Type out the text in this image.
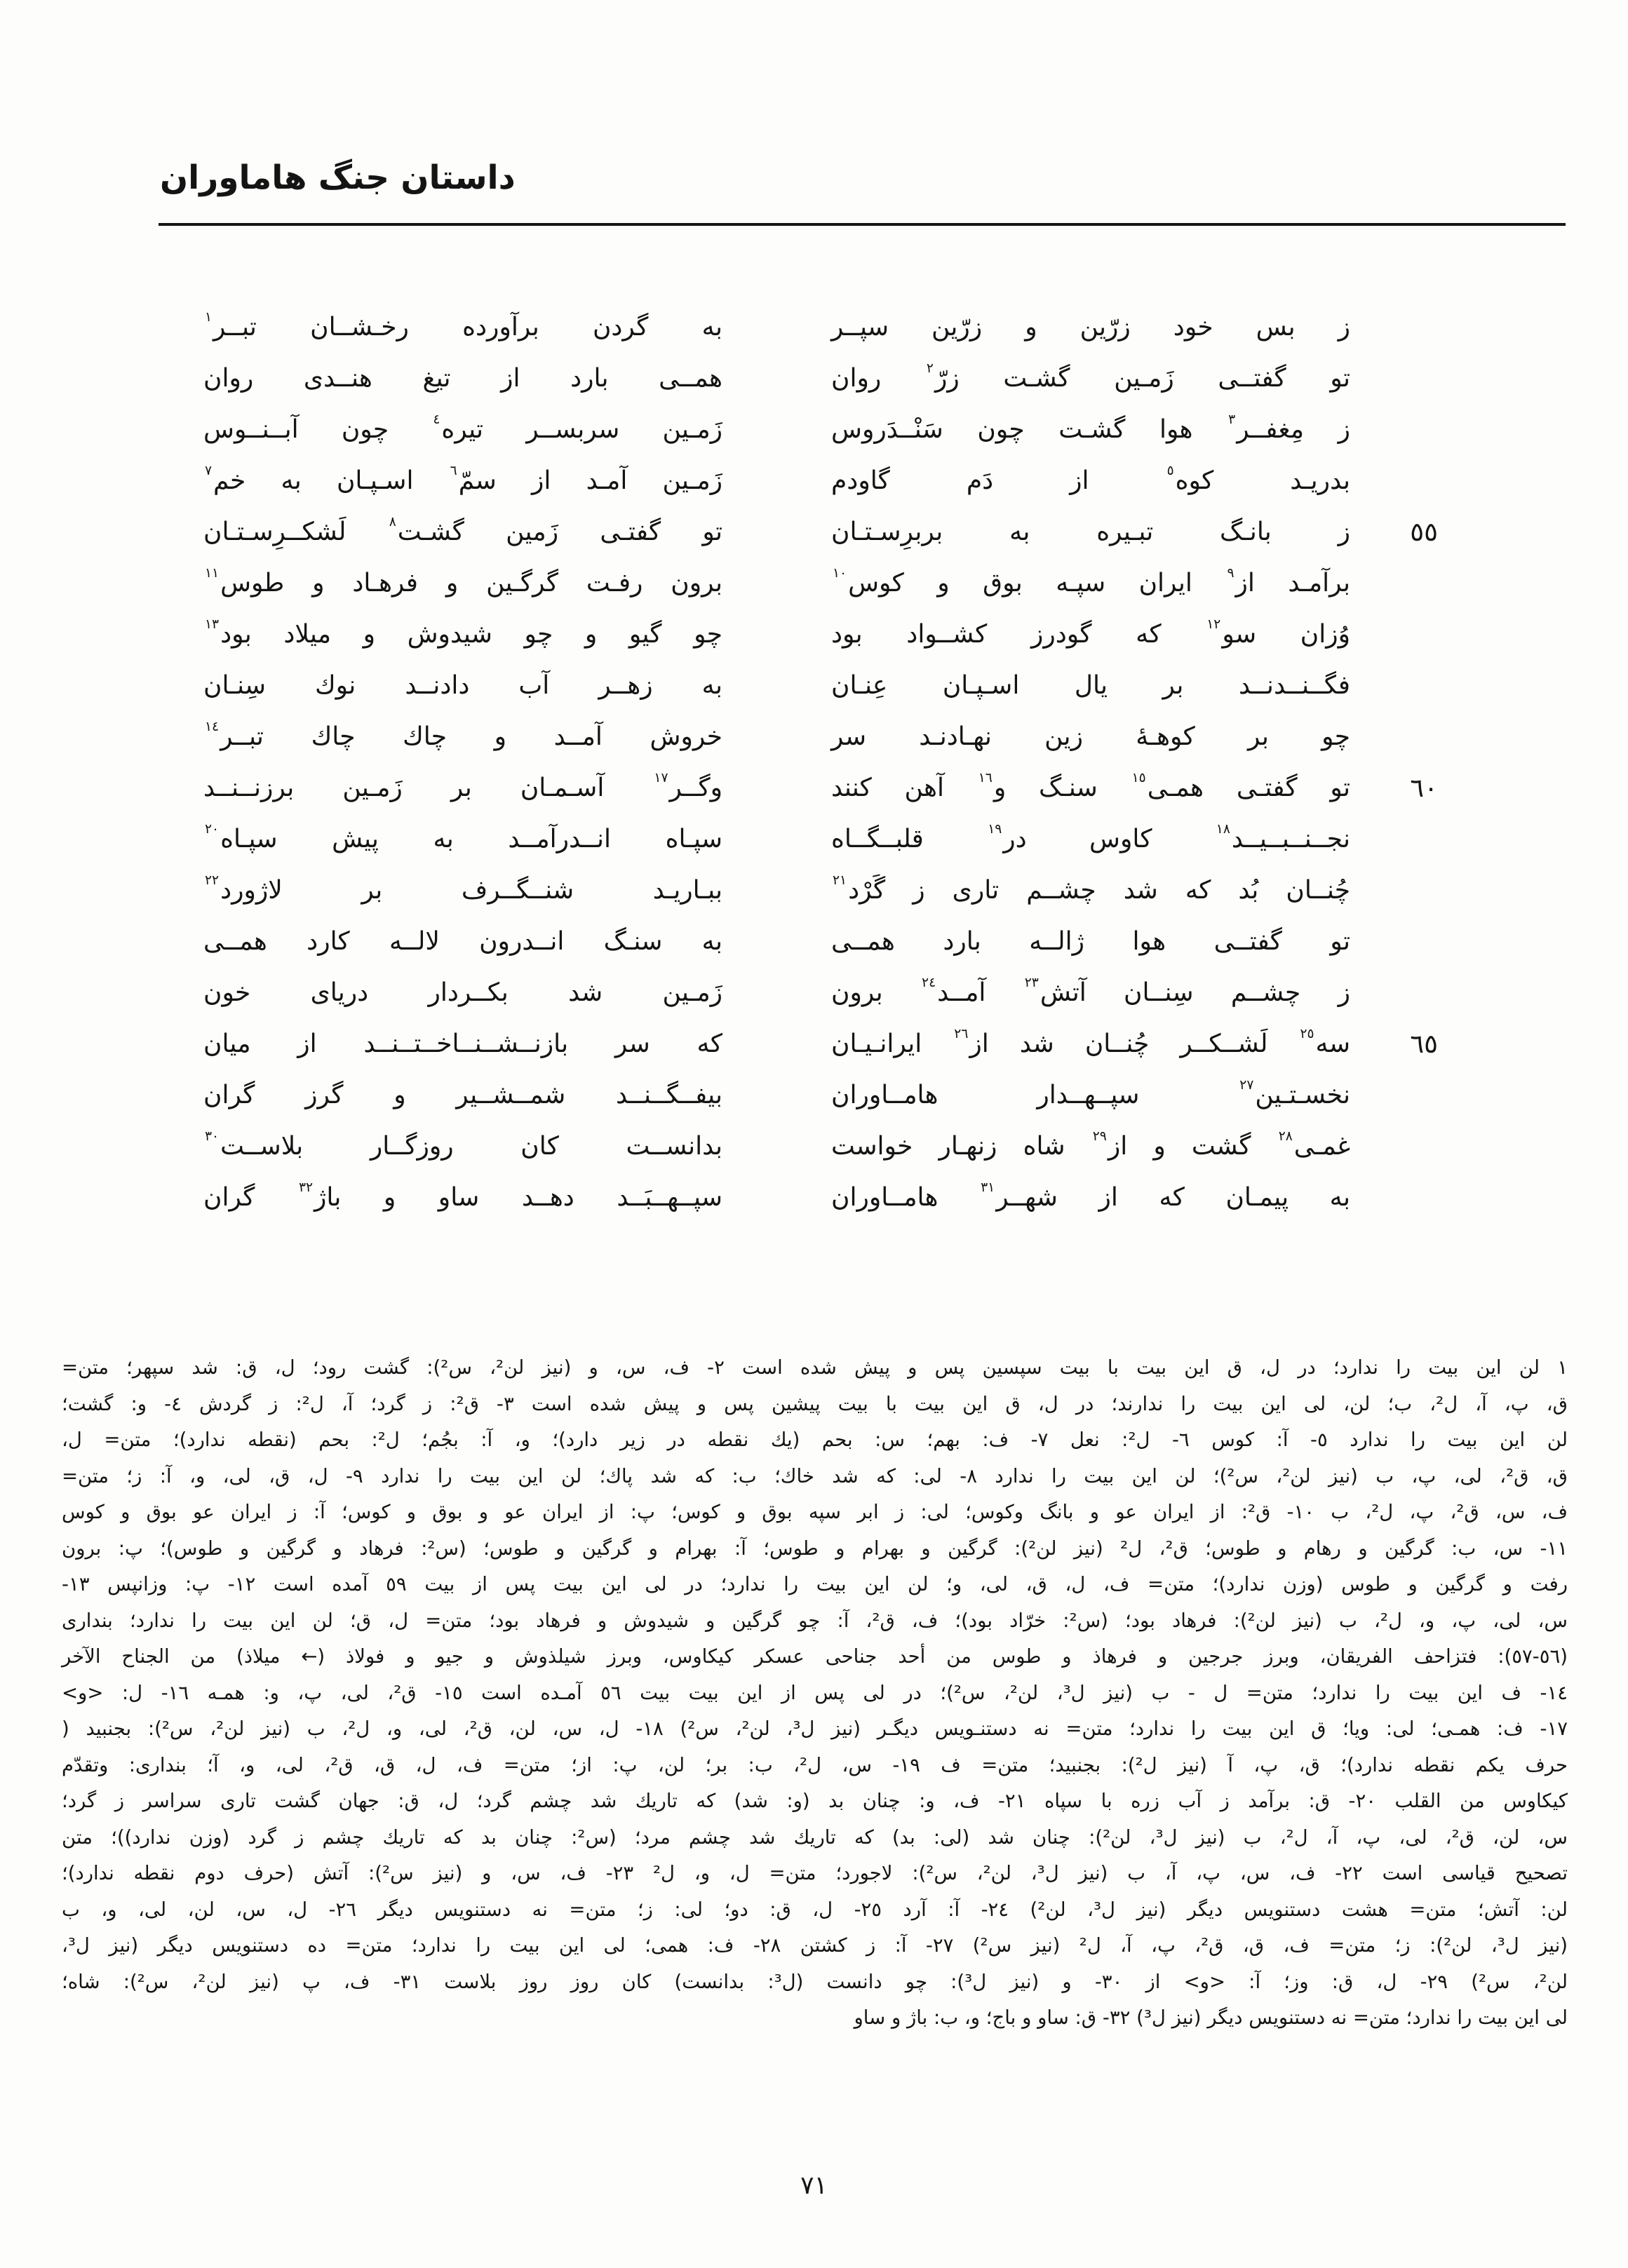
داستان جنگ هاماوران
ز بس خود زرّین و زرّین سپــر
به گردن برآورده رخـشــان تبــر$^١$
تو گفتــی زَمـین گشـت زرّ$^٢$ روان
همــی بارد از تیغ هنــدی روان
ز مِغفــر$^٣$ هوا گشـت چون سَنْــدَروس
زَمـین سربســر تیره$^٤$ چون آبــنــوس
بدریـد کوه$^٥$ از دَم گاودم
زَمـین آمـد از سمّ$^٦$ اسـپـان به خم$^٧$
٥٥
ز بانـگ تبـیره به بربرِسـتـان
تو گفتـی زَمین گشـت$^٨$ لَشکــرِسـتـان
برآمـد از$^٩$ ایران سپـه بوق و کوس$^{١٠}$
برون رفـت گرگـین و فرهـاد و طوس$^{١١}$
وُزان سو$^{١٢}$ که گودرز کشــواد بود
چو گیو و چو شیدوش و میلاد بود$^{١٣}$
فگــنــدنــد بر یال اسـپـان عِنـان
به زهــر آب دادنــد نوك سِنـان
چو بر کوهـۀ زین نهـادنـد سر
خروش آمــد و چاك چاك تبــر$^{١٤}$
٦٠
تو گفتـی همـی$^{١٥}$ سنـگ و$^{١٦}$ آهن کنند
وگــر$^{١٧}$ آسـمـان بر زَمـین برزنــنــد
نجــنــبــیــد$^{١٨}$ کاوس در$^{١٩}$ قلبــگــاه
سپـاه انــدرآمــد به پیش سپـاه$^{٢٠}$
چُنــان بُد که شد چشــم تاری ز گَرْد$^{٢١}$
ببـاریـد شنــگــرف بر لاژورد$^{٢٢}$
تو گفتــی هوا ژالــه بارد همــی
به سنـگ انــدرون لالــه کارد همــی
ز چشــم سِنــان آتش$^{٢٣}$ آمــد$^{٢٤}$ برون
زَمـین شد بکــردار دریای خون
٦٥
سه$^{٢٥}$ لَشــکــر چُنــان شد از$^{٢٦}$ ایرانـیـان
که سر بازنــشــنــاخــتــنــد از میان
نخسـتـین$^{٢٧}$ سپــهــدار هامــاوران
بیفــگــنــد شمــشــیر و گرز گران
غمـی$^{٢٨}$ گشت و از$^{٢٩}$ شاه زنهـار خواست
بدانســت کان روزگــار بلاســت$^{٣٠}$
به پیمـان که از شهــر$^{٣١}$ هامــاوران
سپــهــبَــد دهــد ساو و باژ$^{٣٢}$ گران
١ لن این بیت را ندارد؛ در ل، ق این بیت با بیت سپسین پس و پیش شده است ٢- ف، س، و (نیز لن²، س²): گشت رود؛ ل، ق: شد سپهر؛ متن=
ق، پ، آ، ل²، ب؛ لن، لی این بیت را ندارند؛ در ل، ق این بیت با بیت پیشین پس و پیش شده است ٣- ق²: ز گرد؛ آ، ل²: ز گردش ٤- و: گشت؛
لن این بیت را ندارد ٥- آ: کوس ٦- ل²: نعل ٧- ف: بهم؛ س: بحم (یك نقطه در زیر دارد)؛ و، آ: بجُم؛ ل²: بحم (نقطه ندارد)؛ متن= ل،
ق، ق²، لی، پ، ب (نیز لن²، س²)؛ لن این بیت را ندارد ٨- لی: که شد خاك؛ ب: که شد پاك؛ لن این بیت را ندارد ٩- ل، ق، لی، و، آ: ز؛ متن=
ف، س، ق²، پ، ل²، ب ١٠- ق²: از ایران عو و بانگ وکوس؛ لی: ز ابر سپه بوق و کوس؛ پ: از ایران عو و بوق و کوس؛ آ: ز ایران عو بوق و کوس
١١- س، ب: گرگین و رهام و طوس؛ ق²، ل² (نیز لن²): گرگین و بهرام و طوس؛ آ: بهرام و گرگین و طوس؛ (س²: فرهاد و گرگین و طوس)؛ پ: برون
رفت و گرگین و طوس (وزن ندارد)؛ متن= ف، ل، ق، لی، و؛ لن این بیت را ندارد؛ در لی این بیت پس از بیت ٥٩ آمده است ١٢- پ: وزانپس ١٣-
س، لی، پ، و، ل²، ب (نیز لن²): فرهاد بود؛ (س²: خرّاد بود)؛ ف، ق²، آ: چو گرگین و شیدوش و فرهاد بود؛ متن= ل، ق؛ لن این بیت را ندارد؛ بنداری
(٥٦-٥٧): فتزاحف الفریقان، وبرز جرجین و فرهاذ و طوس من أحد جناحی عسکر کیکاوس، وبرز شیلذوش و جیو و فولاذ (← میلاذ) من الجناح الآخر
١٤- ف این بیت را ندارد؛ متن= ل - ب (نیز ل³، لن²، س²)؛ در لی پس از این بیت بیت ٥٦ آمـده است ١٥- ق²، لی، پ، و: همـه ١٦- ل: <و>
١٧- ف: همـی؛ لی: ویا؛ ق این بیت را ندارد؛ متن= نه دستنـویس دیگـر (نیز ل³، لن²، س²) ١٨- ل، س، لن، ق²، لی، و، ل²، ب (نیز لن²، س²): بجنبید (
حرف یکم نقطه ندارد)؛ ق، پ، آ (نیز ل²): بجنبید؛ متن= ف ١٩- س، ل²، ب: بر؛ لن، پ: از؛ متن= ف، ل، ق، ق²، لی، و، آ؛ بنداری: وتقدّم
کیکاوس من القلب ٢٠- ق: برآمد ز آب زره با سپاه ٢١- ف، و: چنان بد (و: شد) که تاریك شد چشم گرد؛ ل، ق: جهان گشت تاری سراسر ز گرد؛
س، لن، ق²، لی، پ، آ، ل²، ب (نیز ل³، لن²): چنان شد (لی: بد) که تاریك شد چشم مرد؛ (س²: چنان بد که تاریك چشم ز گرد (وزن ندارد))؛ متن
تصحیح قیاسی است ٢٢- ف، س، پ، آ، ب (نیز ل³، لن²، س²): لاجورد؛ متن= ل، و، ل² ٢٣- ف، س، و (نیز س²): آتش (حرف دوم نقطه ندارد)؛
لن: آتش؛ متن= هشت دستنویس دیگر (نیز ل³، لن²) ٢٤- آ: آرد ٢٥- ل، ق: دو؛ لی: ز؛ متن= نه دستنویس دیگر ٢٦- ل، س، لن، لی، و، ب
(نیز ل³، لن²): ز؛ متن= ف، ق، ق²، پ، آ، ل² (نیز س²) ٢٧- آ: ز کشتن ٢٨- ف: همی؛ لی این بیت را ندارد؛ متن= ده دستنویس دیگر (نیز ل³،
لن²، س²) ٢٩- ل، ق: وز؛ آ: <و> از ٣٠- و (نیز ل³): چو دانست (ل³: بدانست) کان روز روز بلاست ٣١- ف، پ (نیز لن²، س²): شاه؛
لی این بیت را ندارد؛ متن= نه دستنویس دیگر (نیز ل³) ٣٢- ق: ساو و باج؛ و، ب: باژ و ساو
٧١
